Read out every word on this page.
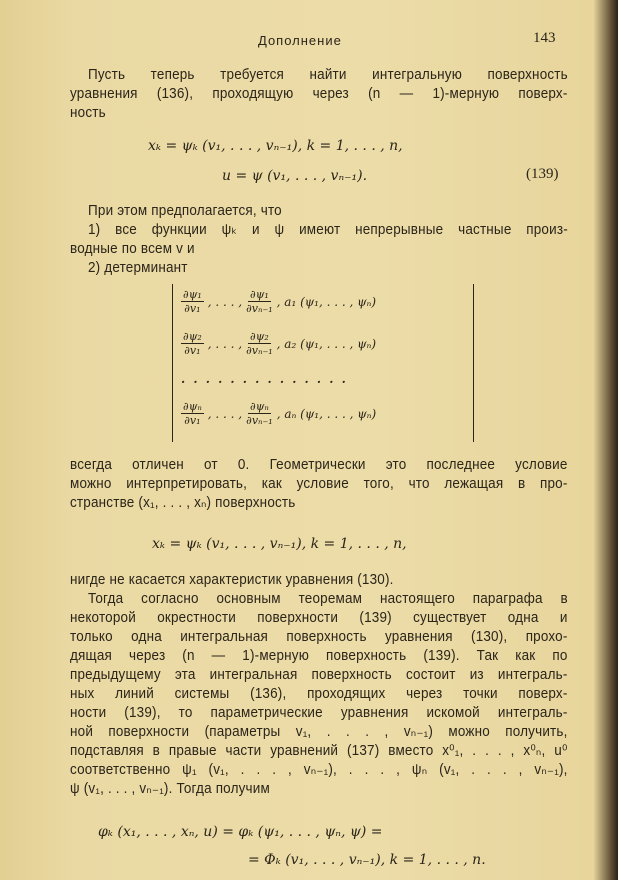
Дополнение	143
Пусть теперь требуется найти интегральную поверхность
уравнения (136), проходящую через (n — 1)-мерную поверх-
ность
xₖ = ψₖ (v₁, . . . , vₙ₋₁), k = 1, . . . , n,
u = ψ (v₁, . . . , vₙ₋₁).	(139)
При этом предполагается, что
1) все функции ψₖ и ψ имеют непрерывные частные произ-
водные по всем v и
2) детерминант
$\frac{\text{∂ψ₁}}{\text{∂v₁}}$ , . . . , $\frac{\text{∂ψ₁}}{\text{∂vₙ₋₁}}$ , a₁ (ψ₁, . . . , ψₙ)
$\frac{\text{∂ψ₂}}{\text{∂v₁}}$ , . . . , $\frac{\text{∂ψ₂}}{\text{∂vₙ₋₁}}$ , a₂ (ψ₁, . . . , ψₙ)
. . . . . . . . . . . . . .
$\frac{\text{∂ψₙ}}{\text{∂v₁}}$ , . . . , $\frac{\text{∂ψₙ}}{\text{∂vₙ₋₁}}$ , aₙ (ψ₁, . . . , ψₙ)
всегда отличен от 0. Геометрически это последнее условие
можно интерпретировать, как условие того, что лежащая в про-
странстве (x₁, . . . , xₙ) поверхность
xₖ = ψₖ (v₁, . . . , vₙ₋₁), k = 1, . . . , n,
нигде не касается характеристик уравнения (130).
Тогда согласно основным теоремам настоящего параграфа в
некоторой окрестности поверхности (139) существует одна и
только одна интегральная поверхность уравнения (130), прохо-
дящая через (n — 1)-мерную поверхность (139). Так как по
предыдущему эта интегральная поверхность состоит из интеграль-
ных линий системы (136), проходящих через точки поверх-
ности (139), то параметрические уравнения искомой интеграль-
ной поверхности (параметры v₁, . . . , vₙ₋₁) можно получить,
подставляя в правые части уравнений (137) вместо x⁰₁, . . . , x⁰ₙ, u⁰
соответственно ψ₁ (v₁, . . . , vₙ₋₁), . . . , ψₙ (v₁, . . . , vₙ₋₁),
ψ (v₁, . . . , vₙ₋₁). Тогда получим
φₖ (x₁, . . . , xₙ, u) = φₖ (ψ₁, . . . , ψₙ, ψ) =
= Φₖ (v₁, . . . , vₙ₋₁), k = 1, . . . , n.
